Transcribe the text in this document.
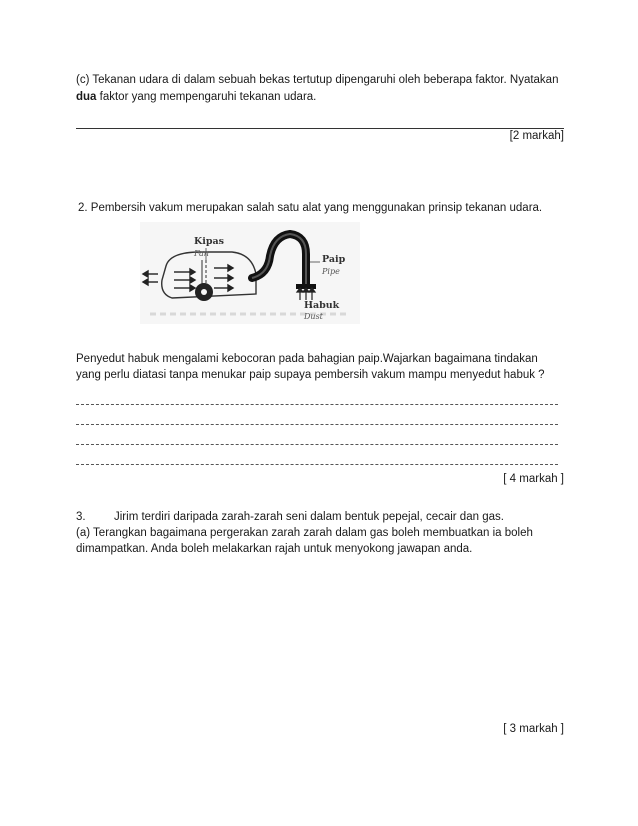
(c) Tekanan udara di dalam sebuah bekas tertutup dipengaruhi oleh beberapa faktor. Nyatakan
dua faktor yang mempengaruhi tekanan udara.
[2 markah]
2. Pembersih vakum merupakan salah satu alat yang menggunakan prinsip tekanan udara.
Kipas
Fan
Paip
Pipe
Habuk
Dust
Penyedut habuk mengalami kebocoran pada bahagian paip.Wajarkan bagaimana tindakan
yang perlu diatasi tanpa menukar paip supaya pembersih vakum mampu menyedut habuk ?
[ 4 markah ]
3. Jirim terdiri daripada zarah-zarah seni dalam bentuk pepejal, cecair dan gas.
(a) Terangkan bagaimana pergerakan zarah zarah dalam gas boleh membuatkan ia boleh
dimampatkan. Anda boleh melakarkan rajah untuk menyokong jawapan anda.
[ 3 markah ]
